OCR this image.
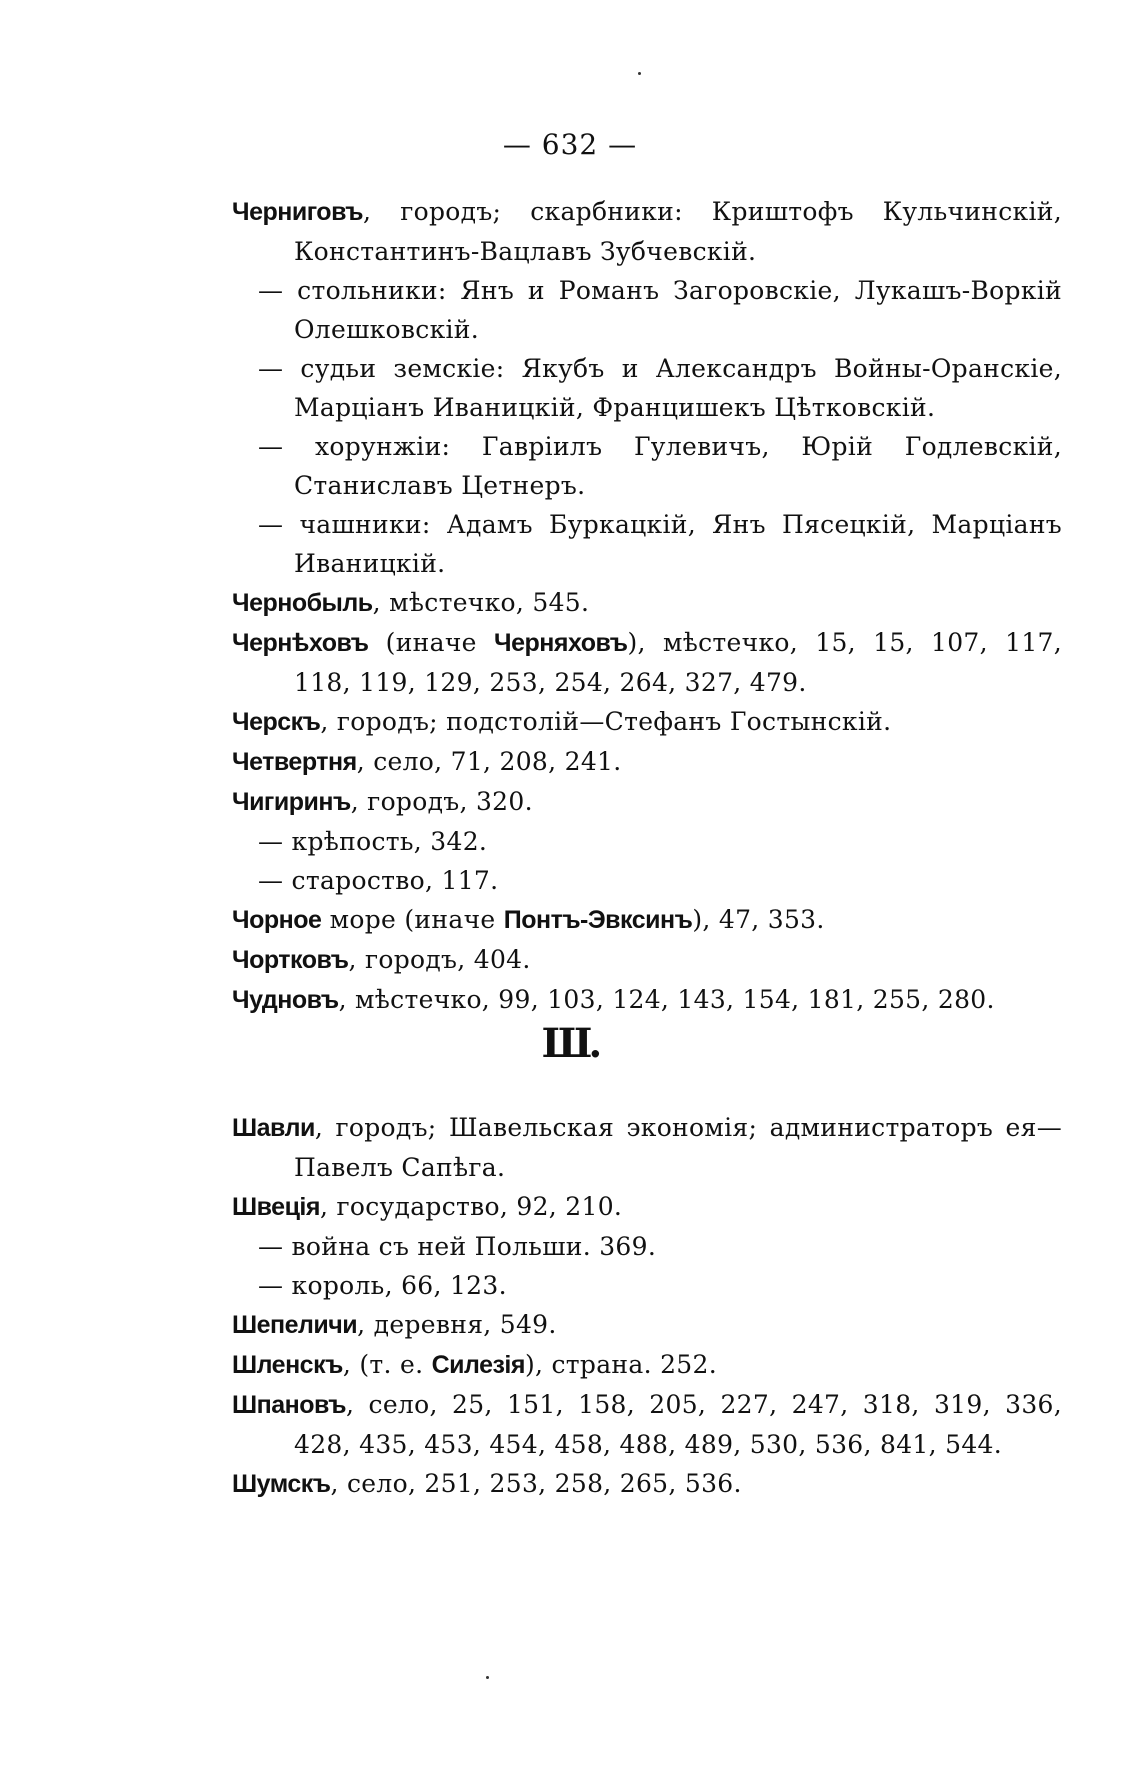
— 632 —

Черниговъ, городъ; скарбники: Криштофъ Кульчинскій, Константинъ-Вацлавъ Зубчевскій.

— стольники: Янъ и Романъ Загоровскіе, Лукашъ-Воркій Олешковскій.

— судьи земскіе: Якубъ и Александръ Войны-Оранскіе, Марціанъ Иваницкій, Францишекъ Цѣтковскій.

— хорунжіи: Гавріилъ Гулевичъ, Юрій Годлевскій, Станиславъ Цетнеръ.

— чашники: Адамъ Буркацкій, Янъ Пясецкій, Марціанъ Иваницкій.

Чернобыль, мѣстечко, 545.

Чернѣховъ (иначе Черняховъ), мѣстечко, 15, 15, 107, 117, 118, 119, 129, 253, 254, 264, 327, 479.

Черскъ, городъ; подстолій—Стефанъ Гостынскій.

Четвертня, село, 71, 208, 241.

Чигиринъ, городъ, 320.

— крѣпость, 342.

— староство, 117.

Чорное море (иначе Понтъ-Эвксинъ), 47, 353.

Чортковъ, городъ, 404.

Чудновъ, мѣстечко, 99, 103, 124, 143, 154, 181, 255, 280.

Ш.

Шавли, городъ; Шавельская экономія; администраторъ ея—Павелъ Сапѣга.

Швеція, государство, 92, 210.

— война съ ней Польши. 369.

— король, 66, 123.

Шепеличи, деревня, 549.

Шленскъ, (т. е. Силезія), страна. 252.

Шпановъ, село, 25, 151, 158, 205, 227, 247, 318, 319, 336, 428, 435, 453, 454, 458, 488, 489, 530, 536, 841, 544.

Шумскъ, село, 251, 253, 258, 265, 536.
